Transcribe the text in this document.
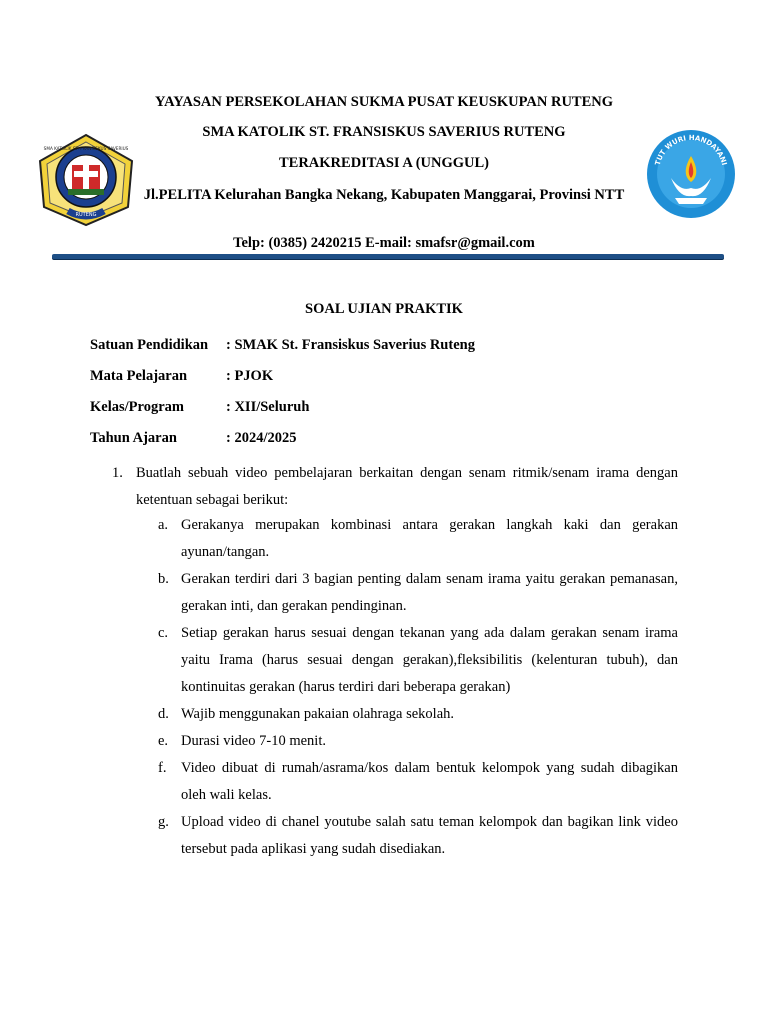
RUTENG
SMA KATOLIK ST. FRANSISKUS SAVERIUS
YAYASAN PERSEKOLAHAN SUKMA PUSAT KEUSKUPAN RUTENG
SMA KATOLIK ST. FRANSISKUS SAVERIUS RUTENG
TERAKREDITASI A (UNGGUL)
Jl.PELITA Kelurahan Bangka Nekang, Kabupaten Manggarai, Provinsi NTT
Telp: (0385) 2420215 E-mail: smafsr@gmail.com
TUT WURI HANDAYANI
SOAL UJIAN PRAKTIK
Satuan Pendidikan : SMAK St. Fransiskus Saverius Ruteng
Mata Pelajaran	: PJOK
Kelas/Program	: XII/Seluruh
Tahun Ajaran	: 2024/2025
1. Buatlah sebuah video pembelajaran berkaitan dengan senam ritmik/senam irama dengan ketentuan sebagai berikut:
a. Gerakanya merupakan kombinasi antara gerakan langkah kaki dan gerakan ayunan/tangan.
b. Gerakan terdiri dari 3 bagian penting dalam senam irama yaitu gerakan pemanasan, gerakan inti, dan gerakan pendinginan.
c. Setiap gerakan harus sesuai dengan tekanan yang ada dalam gerakan senam irama yaitu Irama (harus sesuai dengan gerakan),fleksibilitis (kelenturan tubuh), dan kontinuitas gerakan (harus terdiri dari beberapa gerakan)
d. Wajib menggunakan pakaian olahraga sekolah.
e. Durasi video 7-10 menit.
f. Video dibuat di rumah/asrama/kos dalam bentuk kelompok yang sudah dibagikan oleh wali kelas.
g. Upload video di chanel youtube salah satu teman kelompok dan bagikan link video tersebut pada aplikasi yang sudah disediakan.
